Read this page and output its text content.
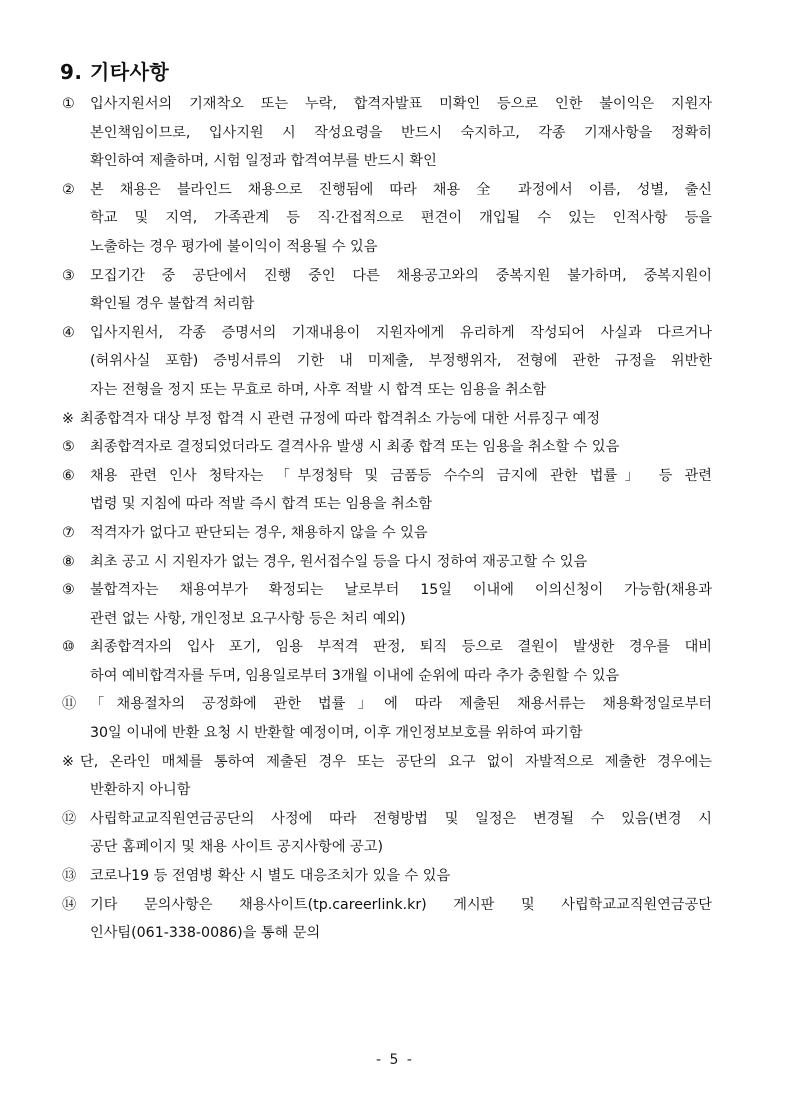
9. 기타사항
①	입사지원서의 기재착오 또는 누락, 합격자발표 미확인 등으로 인한 불이익은 지원자
본인책임이므로, 입사지원 시 작성요령을 반드시 숙지하고, 각종 기재사항을 정확히
확인하여 제출하며, 시험 일정과 합격여부를 반드시 확인
②	본 채용은 블라인드 채용으로 진행됨에 따라 채용 全 과정에서 이름, 성별, 출신
학교 및 지역, 가족관계 등 직·간접적으로 편견이 개입될 수 있는 인적사항 등을
노출하는 경우 평가에 불이익이 적용될 수 있음
③	모집기간 중 공단에서 진행 중인 다른 채용공고와의 중복지원 불가하며, 중복지원이
확인될 경우 불합격 처리함
④	입사지원서, 각종 증명서의 기재내용이 지원자에게 유리하게 작성되어 사실과 다르거나
(허위사실 포함) 증빙서류의 기한 내 미제출, 부정행위자, 전형에 관한 규정을 위반한
자는 전형을 정지 또는 무효로 하며, 사후 적발 시 합격 또는 임용을 취소함
※ 최종합격자 대상 부정 합격 시 관련 규정에 따라 합격취소 가능에 대한 서류징구 예정
⑤	최종합격자로 결정되었더라도 결격사유 발생 시 최종 합격 또는 임용을 취소할 수 있음
⑥	채용 관련 인사 청탁자는 「부정청탁 및 금품등 수수의 금지에 관한 법률」 등 관련
법령 및 지침에 따라 적발 즉시 합격 또는 임용을 취소함
⑦	적격자가 없다고 판단되는 경우, 채용하지 않을 수 있음
⑧	최초 공고 시 지원자가 없는 경우, 원서접수일 등을 다시 정하여 재공고할 수 있음
⑨	불합격자는 채용여부가 확정되는 날로부터 15일 이내에 이의신청이 가능함(채용과
관련 없는 사항, 개인정보 요구사항 등은 처리 예외)
⑩	최종합격자의 입사 포기, 임용 부적격 판정, 퇴직 등으로 결원이 발생한 경우를 대비
하여 예비합격자를 두며, 임용일로부터 3개월 이내에 순위에 따라 추가 충원할 수 있음
⑪ 「채용절차의 공정화에 관한 법률」에 따라 제출된 채용서류는 채용확정일로부터
30일 이내에 반환 요청 시 반환할 예정이며, 이후 개인정보보호를 위하여 파기함
※ 단, 온라인 매체를 통하여 제출된 경우 또는 공단의 요구 없이 자발적으로 제출한 경우에는
반환하지 아니함
⑫ 사립학교교직원연금공단의 사정에 따라 전형방법 및 일정은 변경될 수 있음(변경 시
공단 홈페이지 및 채용 사이트 공지사항에 공고)
⑬ 코로나19 등 전염병 확산 시 별도 대응조치가 있을 수 있음
⑭ 기타 문의사항은 채용사이트(tp.careerlink.kr) 게시판 및 사립학교교직원연금공단
인사팀(061-338-0086)을 통해 문의
- 5 -
